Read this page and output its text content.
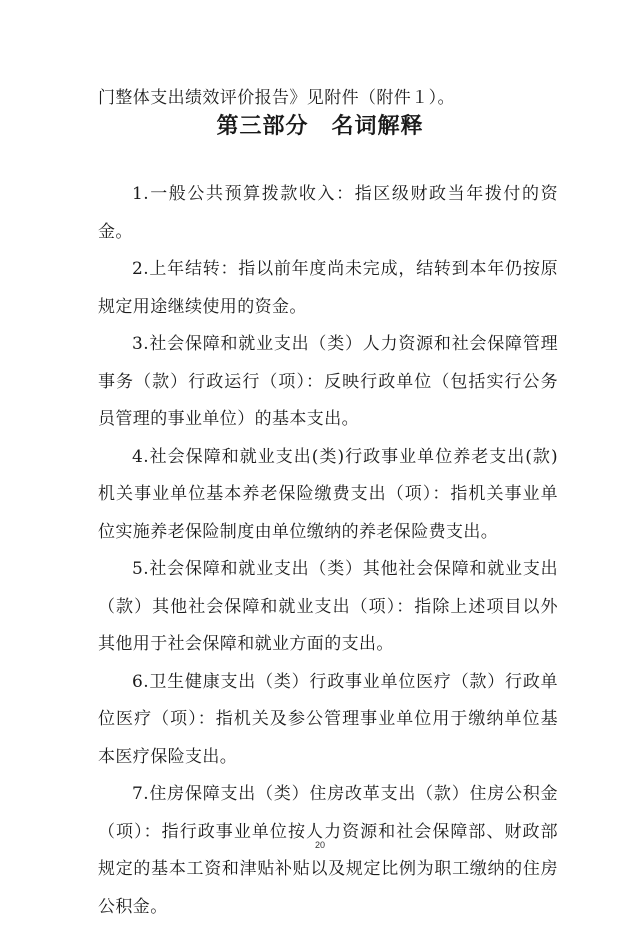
门整体支出绩效评价报告》见附件（附件１）。
第三部分　名词解释

1.一般公共预算拨款收入：指区级财政当年拨付的资金。

2.上年结转：指以前年度尚未完成，结转到本年仍按原规定用途继续使用的资金。

3.社会保障和就业支出（类）人力资源和社会保障管理事务（款）行政运行（项）：反映行政单位（包括实行公务员管理的事业单位）的基本支出。

4.社会保障和就业支出(类)行政事业单位养老支出(款)机关事业单位基本养老保险缴费支出（项）：指机关事业单位实施养老保险制度由单位缴纳的养老保险费支出。

5.社会保障和就业支出（类）其他社会保障和就业支出（款）其他社会保障和就业支出（项）：指除上述项目以外其他用于社会保障和就业方面的支出。

6.卫生健康支出（类）行政事业单位医疗（款）行政单位医疗（项）：指机关及参公管理事业单位用于缴纳单位基本医疗保险支出。

7.住房保障支出（类）住房改革支出（款）住房公积金（项）：指行政事业单位按人力资源和社会保障部、财政部规定的基本工资和津贴补贴以及规定比例为职工缴纳的住房公积金。

20
